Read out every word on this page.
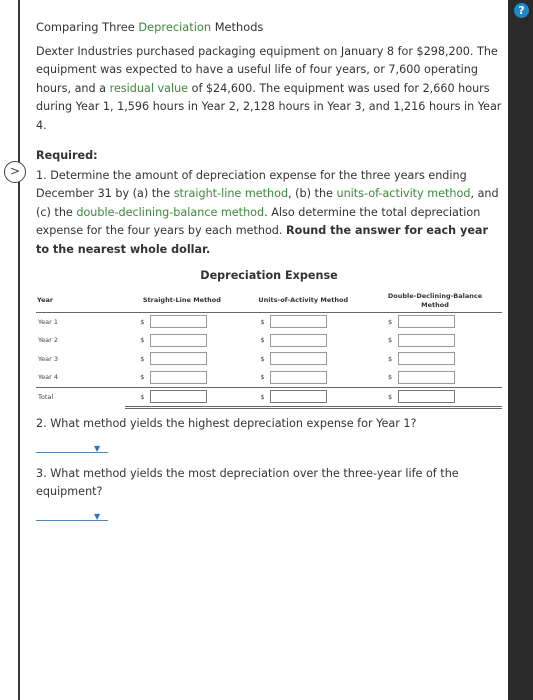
Comparing Three Depreciation Methods

Dexter Industries purchased packaging equipment on January 8 for $298,200. The equipment was expected to have a useful life of four years, or 7,600 operating hours, and a residual value of $24,600. The equipment was used for 2,660 hours during Year 1, 1,596 hours in Year 2, 2,128 hours in Year 3, and 1,216 hours in Year 4.

Required:

1. Determine the amount of depreciation expense for the three years ending December 31 by (a) the straight-line method, (b) the units-of-activity method, and (c) the double-declining-balance method. Also determine the total depreciation expense for the four years by each method. Round the answer for each year to the nearest whole dollar.

Depreciation Expense

Year	Straight-Line Method	Units-of-Activity Method	Double-Declining-Balance Method
Year 1	$	$	$

Year 2	$	$	$

Year 3	$	$	$

Year 4	$	$	$

Total	$	$	$

2. What method yields the highest depreciation expense for Year 1?

▼

3. What method yields the most depreciation over the three-year life of the equipment?

▼
>
?
